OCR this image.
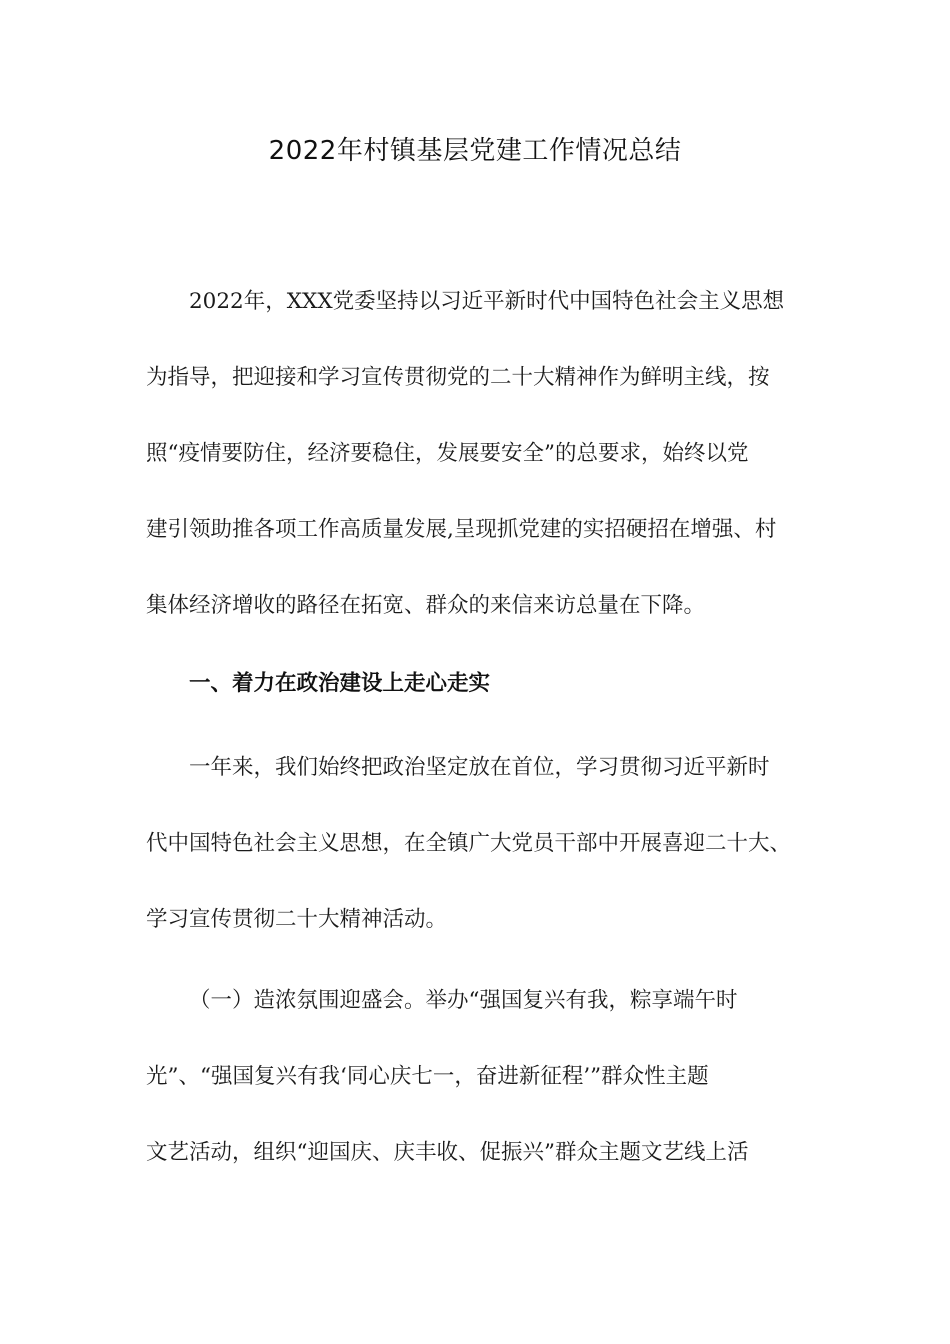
2022年村镇基层党建工作情况总结
2022年，XXX党委坚持以习近平新时代中国特色社会主义思想
为指导，把迎接和学习宣传贯彻党的二十大精神作为鲜明主线，按
照“疫情要防住，经济要稳住，发展要安全”的总要求，始终以党
建引领助推各项工作高质量发展,呈现抓党建的实招硬招在增强、村
集体经济增收的路径在拓宽、群众的来信来访总量在下降。
一、着力在政治建设上走心走实
一年来，我们始终把政治坚定放在首位，学习贯彻习近平新时
代中国特色社会主义思想，在全镇广大党员干部中开展喜迎二十大、
学习宣传贯彻二十大精神活动。
（一）造浓氛围迎盛会。举办“强国复兴有我，粽享端午时
光”、“强国复兴有我‘同心庆七一，奋进新征程’”群众性主题
文艺活动，组织“迎国庆、庆丰收、促振兴”群众主题文艺线上活
